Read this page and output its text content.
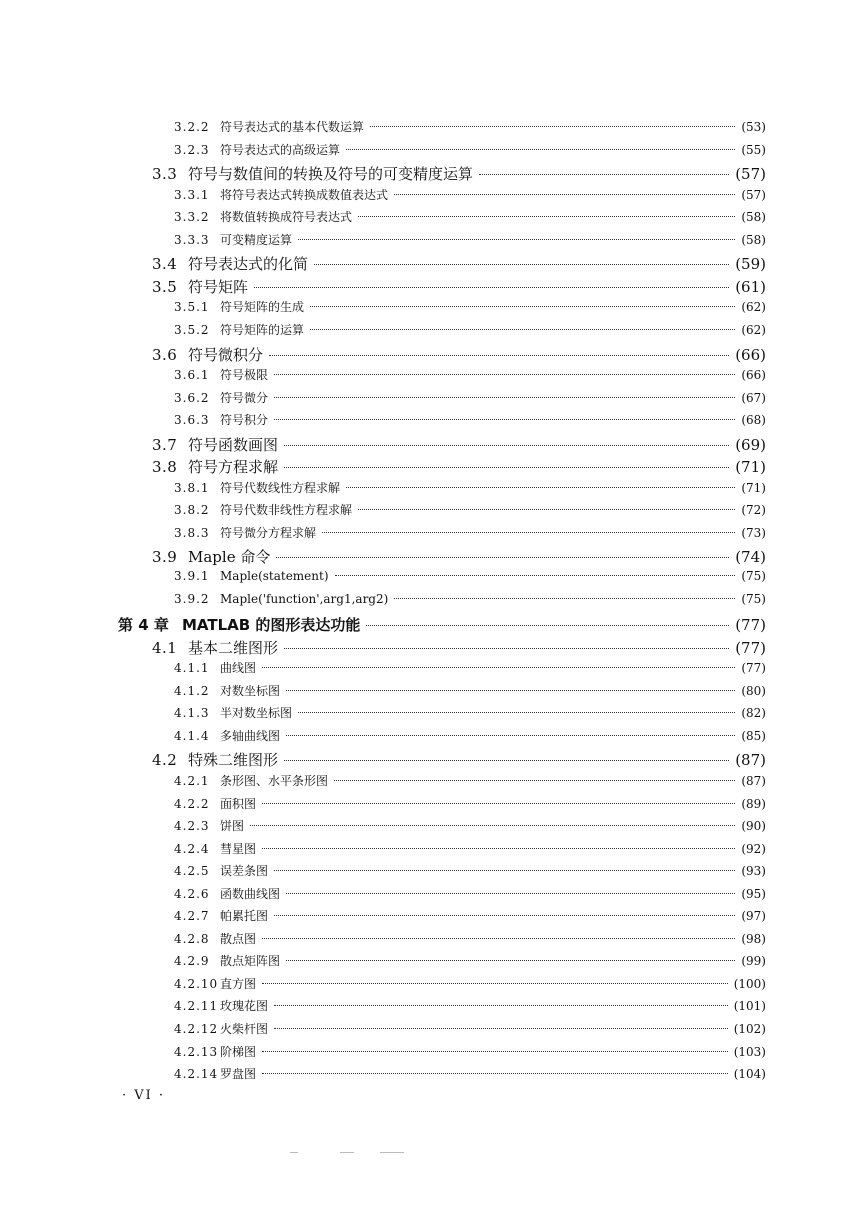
3.2.2 符号表达式的基本代数运算	(53)
3.2.3 符号表达式的高级运算	(55)
3.3 符号与数值间的转换及符号的可变精度运算	(57)
3.3.1 将符号表达式转换成数值表达式	(57)
3.3.2 将数值转换成符号表达式	(58)
3.3.3 可变精度运算	(58)
3.4 符号表达式的化简	(59)
3.5 符号矩阵	(61)
3.5.1 符号矩阵的生成	(62)
3.5.2 符号矩阵的运算	(62)
3.6 符号微积分	(66)
3.6.1 符号极限	(66)
3.6.2 符号微分	(67)
3.6.3 符号积分	(68)
3.7 符号函数画图	(69)
3.8 符号方程求解	(71)
3.8.1 符号代数线性方程求解	(71)
3.8.2 符号代数非线性方程求解	(72)
3.8.3 符号微分方程求解	(73)
3.9 Maple 命令	(74)
3.9.1 Maple(statement)	(75)
3.9.2 Maple('function',arg1,arg2)	(75)
第 4 章 MATLAB 的图形表达功能	(77)
4.1 基本二维图形	(77)
4.1.1 曲线图	(77)
4.1.2 对数坐标图	(80)
4.1.3 半对数坐标图	(82)
4.1.4 多轴曲线图	(85)
4.2 特殊二维图形	(87)
4.2.1 条形图、水平条形图	(87)
4.2.2 面积图	(89)
4.2.3 饼图	(90)
4.2.4 彗星图	(92)
4.2.5 误差条图	(93)
4.2.6 函数曲线图	(95)
4.2.7 帕累托图	(97)
4.2.8 散点图	(98)
4.2.9 散点矩阵图	(99)
4.2.10 直方图	(100)
4.2.11 玫瑰花图	(101)
4.2.12 火柴杆图	(102)
4.2.13 阶梯图	(103)
4.2.14 罗盘图	(104)
· VI ·
